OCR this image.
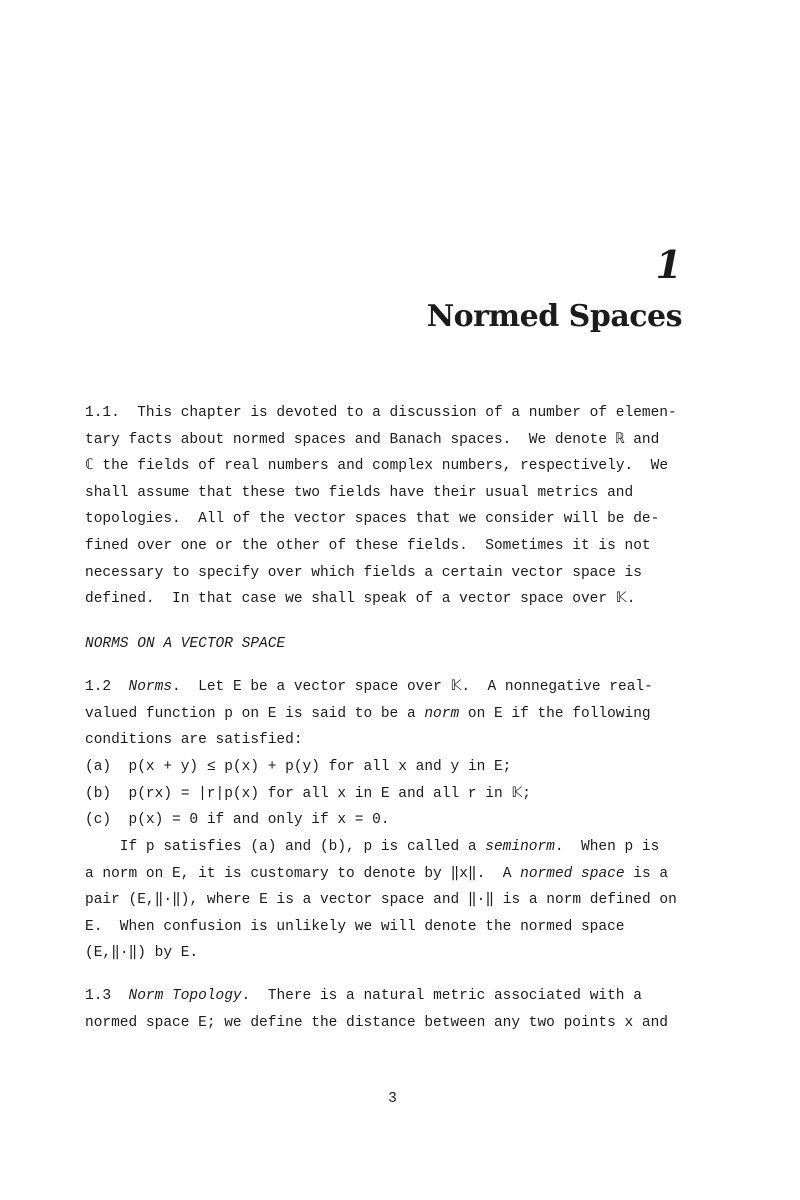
1
Normed Spaces
1.1.  This chapter is devoted to a discussion of a number of elemen-
tary facts about normed spaces and Banach spaces.  We denote ℝ and
ℂ the fields of real numbers and complex numbers, respectively.  We
shall assume that these two fields have their usual metrics and
topologies.  All of the vector spaces that we consider will be de-
fined over one or the other of these fields.  Sometimes it is not
necessary to specify over which fields a certain vector space is
defined.  In that case we shall speak of a vector space over 𝕂.
NORMS ON A VECTOR SPACE
1.2  Norms.  Let E be a vector space over 𝕂.  A nonnegative real-
valued function p on E is said to be a norm on E if the following
conditions are satisfied:
(a)  p(x + y) ≤ p(x) + p(y) for all x and y in E;
(b)  p(rx) = |r|p(x) for all x in E and all r in 𝕂;
(c)  p(x) = 0 if and only if x = 0.
If p satisfies (a) and (b), p is called a seminorm.  When p is
a norm on E, it is customary to denote by ‖x‖.  A normed space is a
pair (E,‖·‖), where E is a vector space and ‖·‖ is a norm defined on
E.  When confusion is unlikely we will denote the normed space
(E,‖·‖) by E.
1.3  Norm Topology.  There is a natural metric associated with a
normed space E; we define the distance between any two points x and
3
